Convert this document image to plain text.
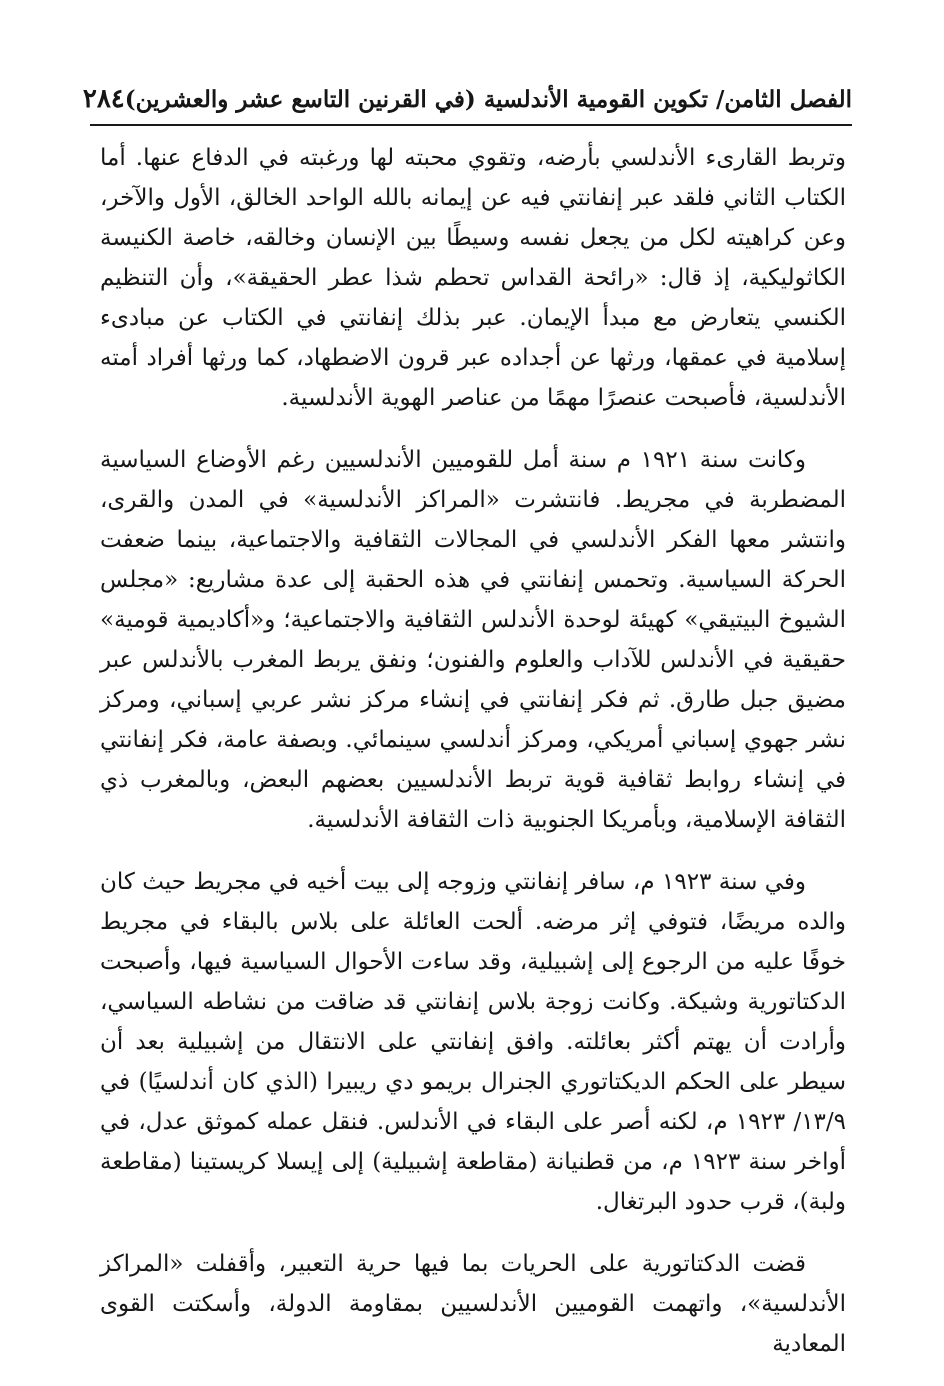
الفصل الثامن/ تكوين القومية الأندلسية (في القرنين التاسع عشر والعشرين)
٢٨٤

وتربط القارىء الأندلسي بأرضه، وتقوي محبته لها ورغبته في الدفاع عنها. أما الكتاب الثاني فلقد عبر إنفانتي فيه عن إيمانه بالله الواحد الخالق، الأول والآخر، وعن كراهيته لكل من يجعل نفسه وسيطًا بين الإنسان وخالقه، خاصة الكنيسة الكاثوليكية، إذ قال: «رائحة القداس تحطم شذا عطر الحقيقة»، وأن التنظيم الكنسي يتعارض مع مبدأ الإيمان. عبر بذلك إنفانتي في الكتاب عن مبادىء إسلامية في عمقها، ورثها عن أجداده عبر قرون الاضطهاد، كما ورثها أفراد أمته الأندلسية، فأصبحت عنصرًا مهمًا من عناصر الهوية الأندلسية.

وكانت سنة ١٩٢١ م سنة أمل للقوميين الأندلسيين رغم الأوضاع السياسية المضطربة في مجريط. فانتشرت «المراكز الأندلسية» في المدن والقرى، وانتشر معها الفكر الأندلسي في المجالات الثقافية والاجتماعية، بينما ضعفت الحركة السياسية. وتحمس إنفانتي في هذه الحقبة إلى عدة مشاريع: «مجلس الشيوخ البيتيقي» كهيئة لوحدة الأندلس الثقافية والاجتماعية؛ و«أكاديمية قومية» حقيقية في الأندلس للآداب والعلوم والفنون؛ ونفق يربط المغرب بالأندلس عبر مضيق جبل طارق. ثم فكر إنفانتي في إنشاء مركز نشر عربي إسباني، ومركز نشر جهوي إسباني أمريكي، ومركز أندلسي سينمائي. وبصفة عامة، فكر إنفانتي في إنشاء روابط ثقافية قوية تربط الأندلسيين بعضهم البعض، وبالمغرب ذي الثقافة الإسلامية، وبأمريكا الجنوبية ذات الثقافة الأندلسية.

وفي سنة ١٩٢٣ م، سافر إنفانتي وزوجه إلى بيت أخيه في مجريط حيث كان والده مريضًا، فتوفي إثر مرضه. ألحت العائلة على بلاس بالبقاء في مجريط خوفًا عليه من الرجوع إلى إشبيلية، وقد ساءت الأحوال السياسية فيها، وأصبحت الدكتاتورية وشيكة. وكانت زوجة بلاس إنفانتي قد ضاقت من نشاطه السياسي، وأرادت أن يهتم أكثر بعائلته. وافق إنفانتي على الانتقال من إشبيلية بعد أن سيطر على الحكم الديكتاتوري الجنرال بريمو دي ريبيرا (الذي كان أندلسيًا) في ١٣/٩/ ١٩٢٣ م، لكنه أصر على البقاء في الأندلس. فنقل عمله كموثق عدل، في أواخر سنة ١٩٢٣ م، من قطنيانة (مقاطعة إشبيلية) إلى إيسلا كريستينا (مقاطعة ولبة)، قرب حدود البرتغال.

قضت الدكتاتورية على الحريات بما فيها حرية التعبير، وأقفلت «المراكز الأندلسية»، واتهمت القوميين الأندلسيين بمقاومة الدولة، وأسكتت القوى المعادية
